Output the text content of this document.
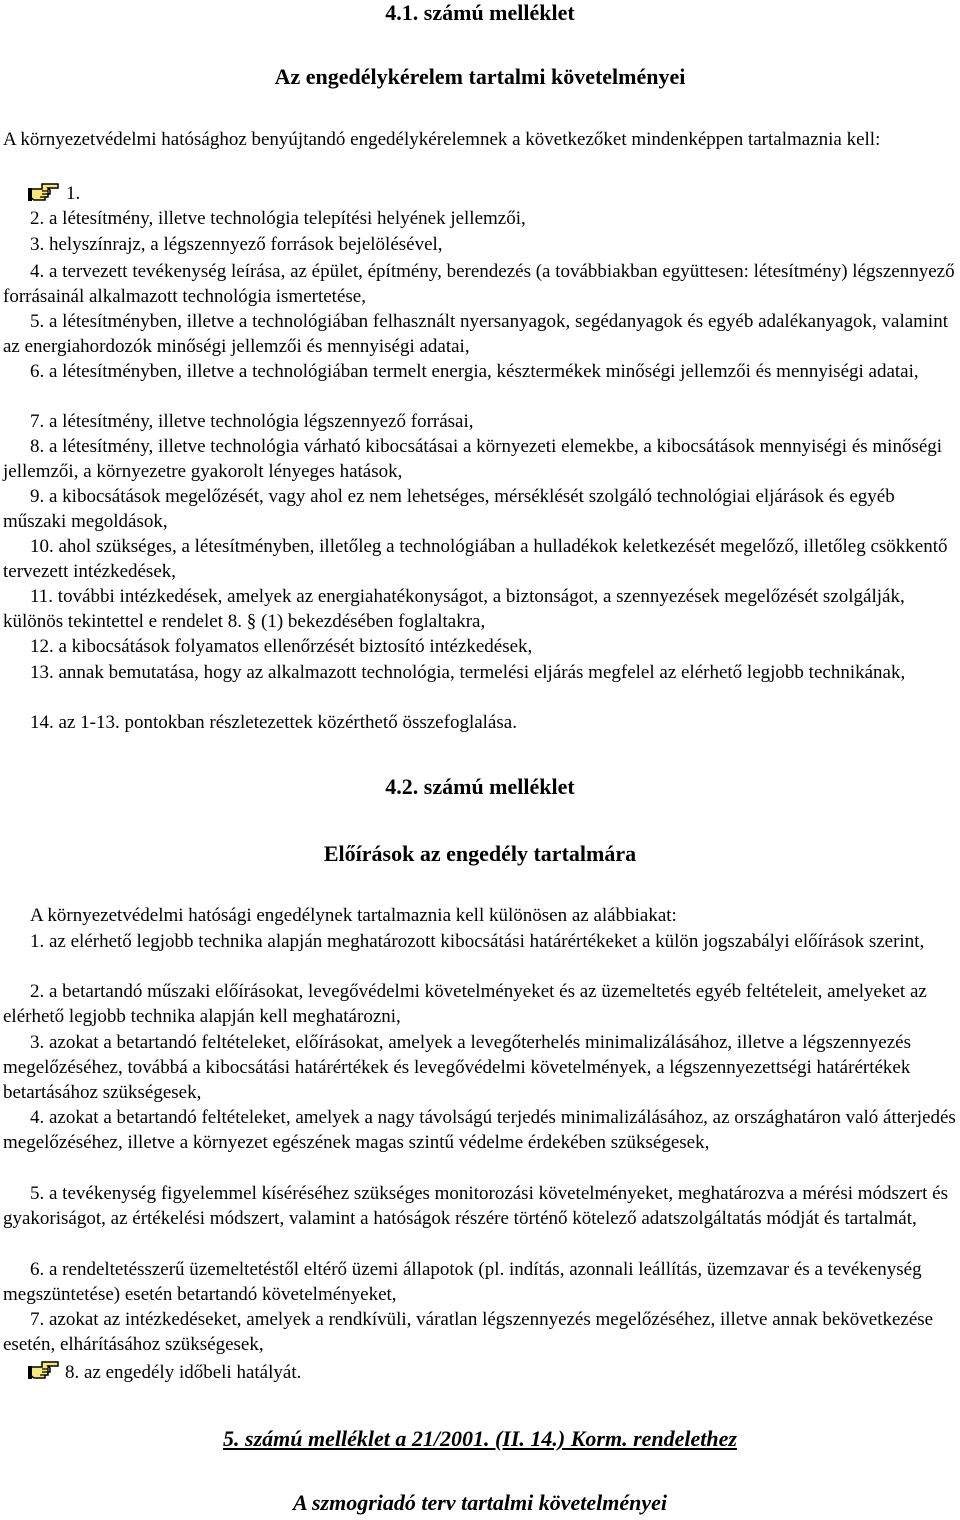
4.1. számú melléklet
Az engedélykérelem tartalmi követelményei
A környezetvédelmi hatósághoz benyújtandó engedélykérelemnek a következőket mindenképpen tartalmaznia kell:
1.
2. a létesítmény, illetve technológia telepítési helyének jellemzői,
3. helyszínrajz, a légszennyező források bejelölésével,
4. a tervezett tevékenység leírása, az épület, építmény, berendezés (a továbbiakban együttesen: létesítmény) légszennyező forrásainál alkalmazott technológia ismertetése,
5. a létesítményben, illetve a technológiában felhasznált nyersanyagok, segédanyagok és egyéb adalékanyagok, valamint az energiahordozók minőségi jellemzői és mennyiségi adatai,
6. a létesítményben, illetve a technológiában termelt energia, késztermékek minőségi jellemzői és mennyiségi adatai,
7. a létesítmény, illetve technológia légszennyező forrásai,
8. a létesítmény, illetve technológia várható kibocsátásai a környezeti elemekbe, a kibocsátások mennyiségi és minőségi jellemzői, a környezetre gyakorolt lényeges hatások,
9. a kibocsátások megelőzését, vagy ahol ez nem lehetséges, mérséklését szolgáló technológiai eljárások és egyéb műszaki megoldások,
10. ahol szükséges, a létesítményben, illetőleg a technológiában a hulladékok keletkezését megelőző, illetőleg csökkentő tervezett intézkedések,
11. további intézkedések, amelyek az energiahatékonyságot, a biztonságot, a szennyezések megelőzését szolgálják, különös tekintettel e rendelet 8. § (1) bekezdésében foglaltakra,
12. a kibocsátások folyamatos ellenőrzését biztosító intézkedések,
13. annak bemutatása, hogy az alkalmazott technológia, termelési eljárás megfelel az elérhető legjobb technikának,
14. az 1-13. pontokban részletezettek közérthető összefoglalása.
4.2. számú melléklet
Előírások az engedély tartalmára
A környezetvédelmi hatósági engedélynek tartalmaznia kell különösen az alábbiakat:
1. az elérhető legjobb technika alapján meghatározott kibocsátási határértékeket a külön jogszabályi előírások szerint,
2. a betartandó műszaki előírásokat, levegővédelmi követelményeket és az üzemeltetés egyéb feltételeit, amelyeket az elérhető legjobb technika alapján kell meghatározni,
3. azokat a betartandó feltételeket, előírásokat, amelyek a levegőterhelés minimalizálásához, illetve a légszennyezés megelőzéséhez, továbbá a kibocsátási határértékek és levegővédelmi követelmények, a légszennyezettségi határértékek betartásához szükségesek,
4. azokat a betartandó feltételeket, amelyek a nagy távolságú terjedés minimalizálásához, az országhatáron való átterjedés megelőzéséhez, illetve a környezet egészének magas szintű védelme érdekében szükségesek,
5. a tevékenység figyelemmel kíséréséhez szükséges monitorozási követelményeket, meghatározva a mérési módszert és gyakoriságot, az értékelési módszert, valamint a hatóságok részére történő kötelező adatszolgáltatás módját és tartalmát,
6. a rendeltetésszerű üzemeltetéstől eltérő üzemi állapotok (pl. indítás, azonnali leállítás, üzemzavar és a tevékenység megszüntetése) esetén betartandó követelményeket,
7. azokat az intézkedéseket, amelyek a rendkívüli, váratlan légszennyezés megelőzéséhez, illetve annak bekövetkezése esetén, elhárításához szükségesek,
8. az engedély időbeli hatályát.
5. számú melléklet a 21/2001. (II. 14.) Korm. rendelethez
A szmogriadó terv tartalmi követelményei
